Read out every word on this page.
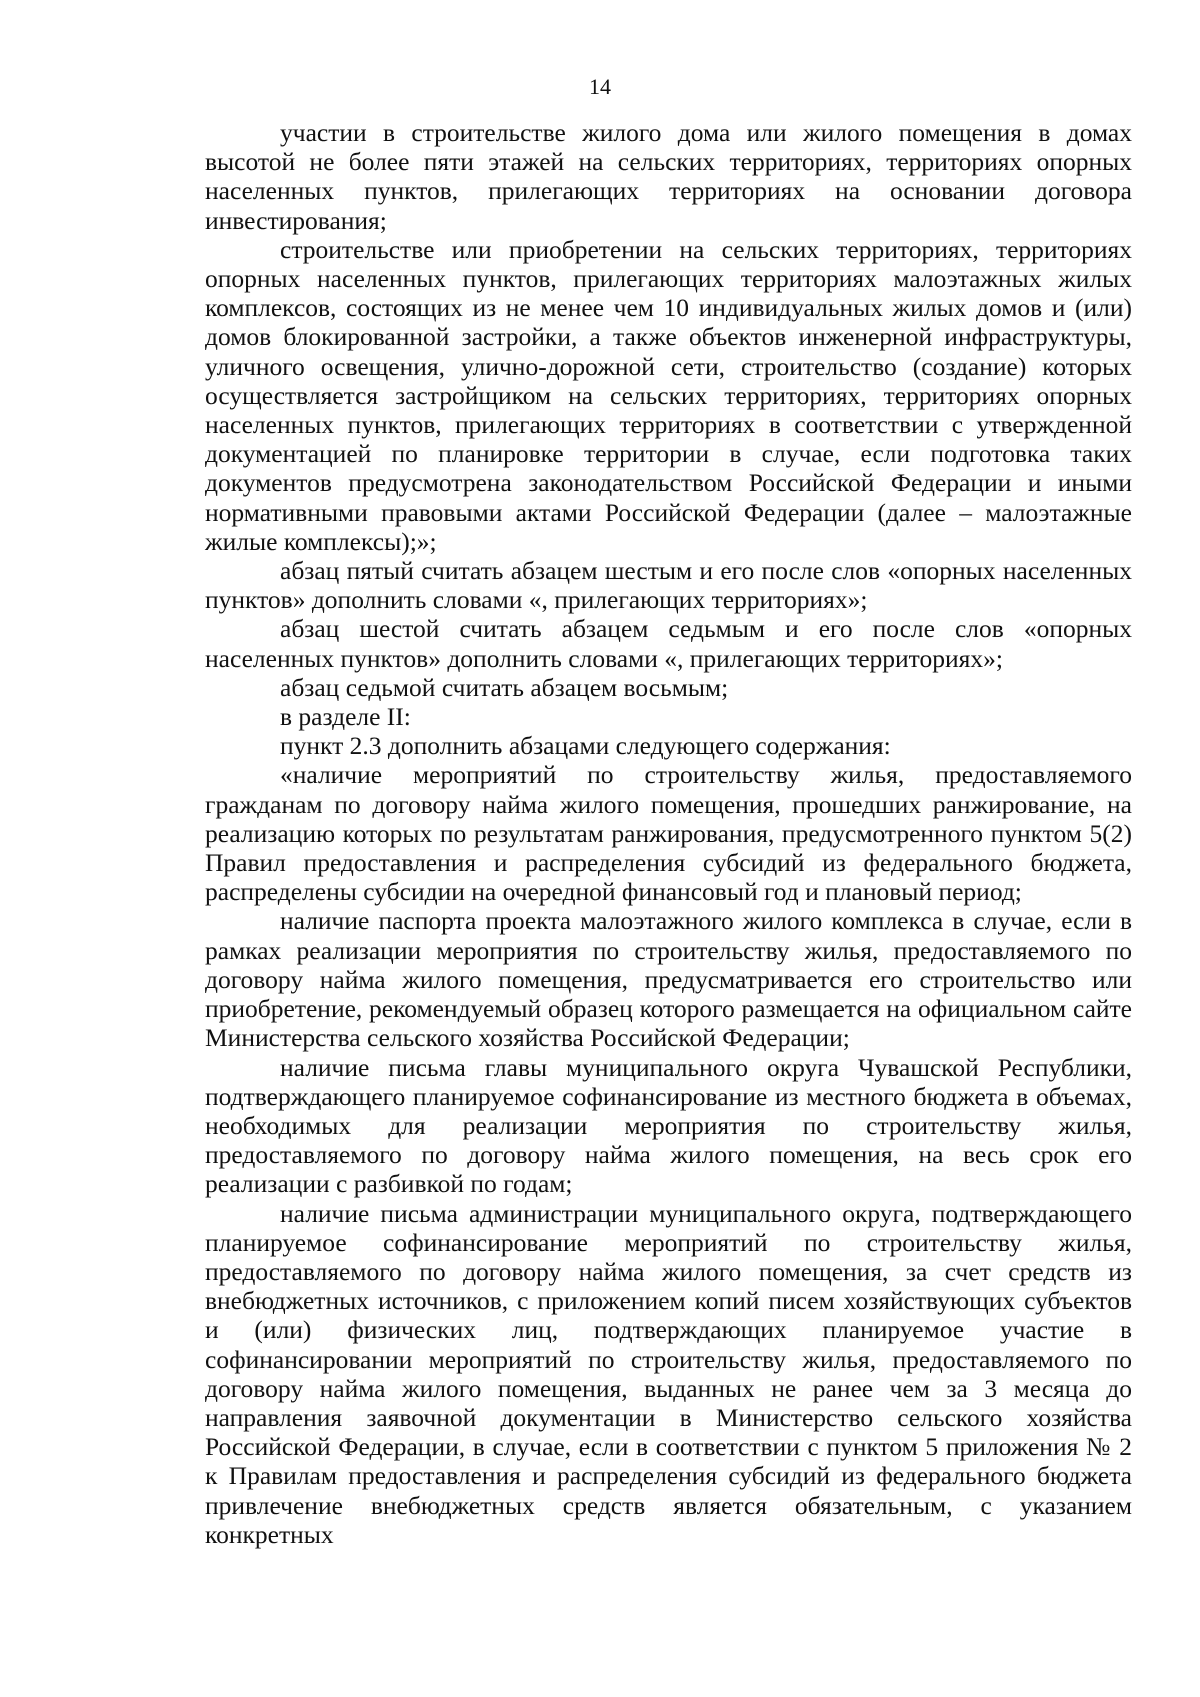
14

участии в строительстве жилого дома или жилого помещения в домах высотой не более пяти этажей на сельских территориях, территориях опорных населенных пунктов, прилегающих территориях на основании договора инвестирования;

строительстве или приобретении на сельских территориях, территориях опорных населенных пунктов, прилегающих территориях малоэтажных жилых комплексов, состоящих из не менее чем 10 индивидуальных жилых домов и (или) домов блокированной застройки, а также объектов инженерной инфраструктуры, уличного освещения, улично-дорожной сети, строительство (создание) которых осуществляется застройщиком на сельских территориях, территориях опорных населенных пунктов, прилегающих территориях в соответствии с утвержденной документацией по планировке территории в случае, если подготовка таких документов предусмотрена законодательством Российской Федерации и иными нормативными правовыми актами Российской Федерации (далее – малоэтажные жилые комплексы);»;

абзац пятый считать абзацем шестым и его после слов «опорных населенных пунктов» дополнить словами «, прилегающих территориях»;

абзац шестой считать абзацем седьмым и его после слов «опорных населенных пунктов» дополнить словами «, прилегающих территориях»;

абзац седьмой считать абзацем восьмым;

в разделе II:

пункт 2.3 дополнить абзацами следующего содержания:

«наличие мероприятий по строительству жилья, предоставляемого гражданам по договору найма жилого помещения, прошедших ранжирование, на реализацию которых по результатам ранжирования, предусмотренного пунктом 5(2) Правил предоставления и распределения субсидий из федерального бюджета, распределены субсидии на очередной финансовый год и плановый период;

наличие паспорта проекта малоэтажного жилого комплекса в случае, если в рамках реализации мероприятия по строительству жилья, предоставляемого по договору найма жилого помещения, предусматривается его строительство или приобретение, рекомендуемый образец которого размещается на официальном сайте Министерства сельского хозяйства Российской Федерации;

наличие письма главы муниципального округа Чувашской Республики, подтверждающего планируемое софинансирование из местного бюджета в объемах, необходимых для реализации мероприятия по строительству жилья, предоставляемого по договору найма жилого помещения, на весь срок его реализации с разбивкой по годам;

наличие письма администрации муниципального округа, подтверждающего планируемое софинансирование мероприятий по строительству жилья, предоставляемого по договору найма жилого помещения, за счет средств из внебюджетных источников, с приложением копий писем хозяйствующих субъектов и (или) физических лиц, подтверждающих планируемое участие в софинансировании мероприятий по строительству жилья, предоставляемого по договору найма жилого помещения, выданных не ранее чем за 3 месяца до направления заявочной документации в Министерство сельского хозяйства Российской Федерации, в случае, если в соответствии с пунктом 5 приложения № 2 к Правилам предоставления и распределения субсидий из федерального бюджета привлечение внебюджетных средств является обязательным, с указанием конкретных
